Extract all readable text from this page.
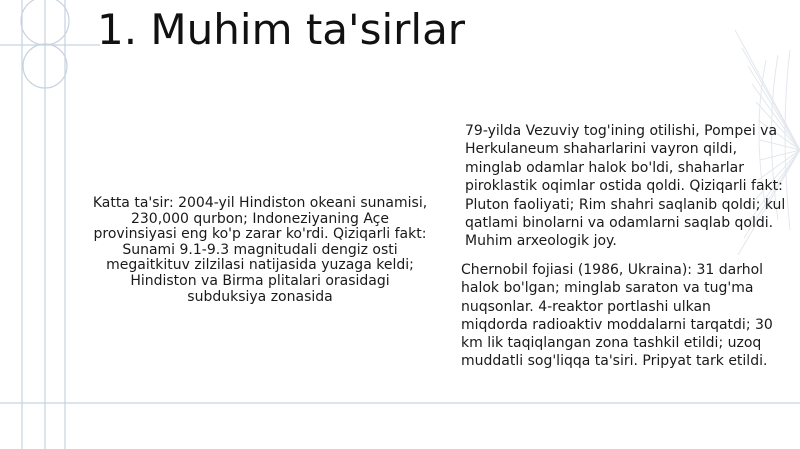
1. Muhim ta'sirlar
Katta ta'sir: 2004-yil Hindiston okeani sunamisi, 230,000 qurbon; Indoneziyaning Açe provinsiyasi eng ko'p zarar ko'rdi. Qiziqarli fakt: Sunami 9.1-9.3 magnitudali dengiz osti megaitkituv zilzilasi natijasida yuzaga keldi; Hindiston va Birma plitalari orasidagi subduksiya zonasida
79-yilda Vezuviy tog'ining otilishi, Pompei va Herkulaneum shaharlarini vayron qildi, minglab odamlar halok bo'ldi, shaharlar piroklastik oqimlar ostida qoldi. Qiziqarli fakt: Pluton faoliyati; Rim shahri saqlanib qoldi; kul qatlami binolarni va odamlarni saqlab qoldi. Muhim arxeologik joy.
Chernobil fojiasi (1986, Ukraina): 31 darhol halok bo'lgan; minglab saraton va tug'ma nuqsonlar. 4-reaktor portlashi ulkan miqdorda radioaktiv moddalarni tarqatdi; 30 km lik taqiqlangan zona tashkil etildi; uzoq muddatli sog'liqqa ta'siri. Pripyat tark etildi.
